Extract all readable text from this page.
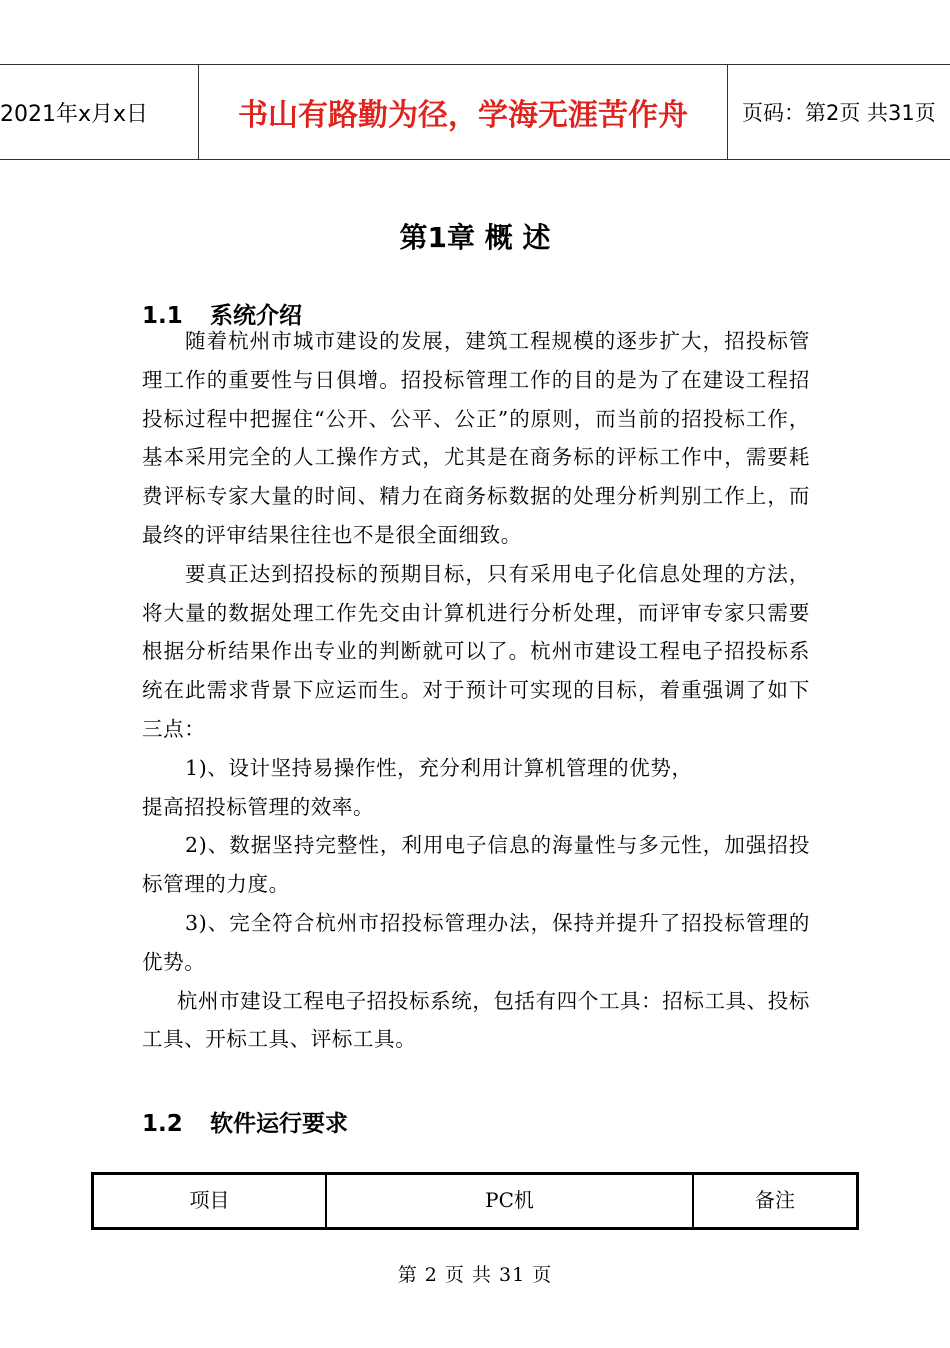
2021年x月x日	书山有路勤为径，学海无涯苦作舟	页码：第2页 共31页
第1章 概 述
1.1 系统介绍

随着杭州市城市建设的发展，建筑工程规模的逐步扩大，招投标管理工作的重要性与日俱增。招投标管理工作的目的是为了在建设工程招投标过程中把握住“公开、公平、公正”的原则，而当前的招投标工作，基本采用完全的人工操作方式，尤其是在商务标的评标工作中，需要耗费评标专家大量的时间、精力在商务标数据的处理分析判别工作上，而最终的评审结果往往也不是很全面细致。

要真正达到招投标的预期目标，只有采用电子化信息处理的方法，将大量的数据处理工作先交由计算机进行分析处理，而评审专家只需要根据分析结果作出专业的判断就可以了。杭州市建设工程电子招投标系统在此需求背景下应运而生。对于预计可实现的目标，着重强调了如下三点：

1)、设计坚持易操作性，充分利用计算机管理的优势，

提高招投标管理的效率。

2)、数据坚持完整性，利用电子信息的海量性与多元性，加强招投标管理的力度。

3)、完全符合杭州市招投标管理办法，保持并提升了招投标管理的优势。

杭州市建设工程电子招投标系统，包括有四个工具：招标工具、投标工具、开标工具、评标工具。

1.2 软件运行要求
项目	PC机	备注
第 2 页 共 31 页
